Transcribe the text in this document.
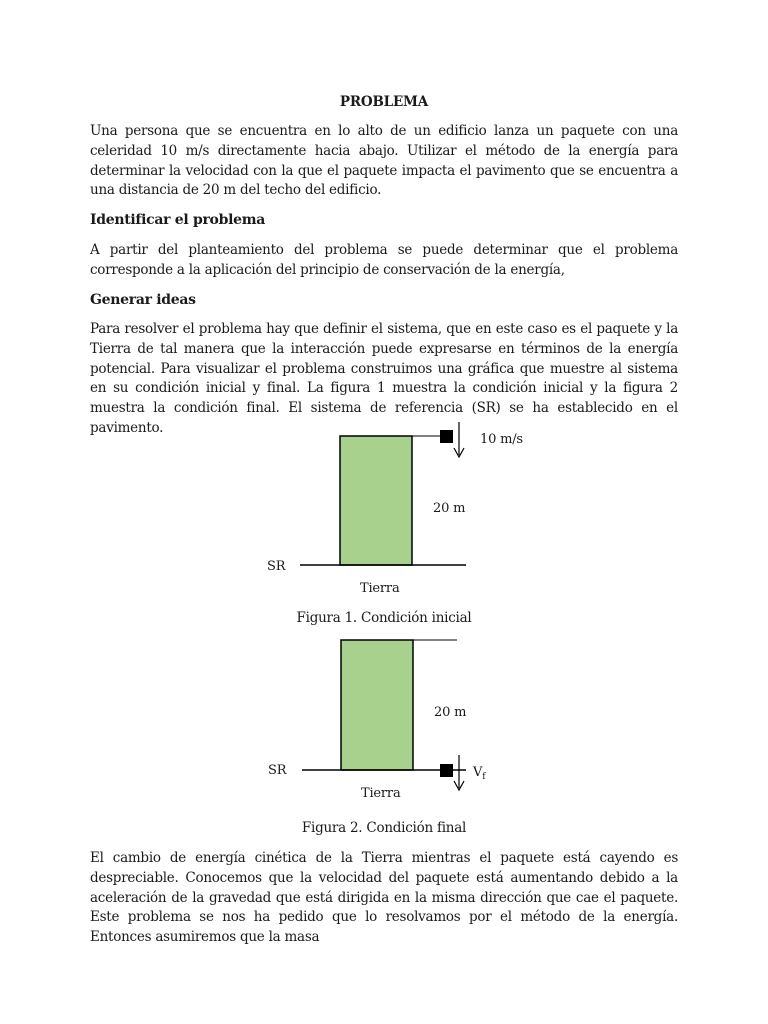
PROBLEMA
Una persona que se encuentra en lo alto de un edificio lanza un paquete con una celeridad 10 m/s directamente hacia abajo. Utilizar el método de la energía para determinar la velocidad con la que el paquete impacta el pavimento que se encuentra a una distancia de 20 m del techo del edificio.
Identificar el problema
A partir del planteamiento del problema se puede determinar que el problema corresponde a la aplicación del principio de conservación de la energía,
Generar ideas
Para resolver el problema hay que definir el sistema, que en este caso es el paquete y la Tierra de tal manera que la interacción puede expresarse en términos de la energía potencial. Para visualizar el problema construimos una gráfica que muestre al sistema en su condición inicial y final. La figura 1 muestra la condición inicial y la figura 2 muestra la condición final. El sistema de referencia (SR) se ha establecido en el pavimento.
10 m/s
20 m
SR
Tierra
20 m
SR	$V_f$
Tierra
Figura 1. Condición inicial
Figura 2. Condición final
El cambio de energía cinética de la Tierra mientras el paquete está cayendo es despreciable. Conocemos que la velocidad del paquete está aumentando debido a la aceleración de la gravedad que está dirigida en la misma dirección que cae el paquete. Este problema se nos ha pedido que lo resolvamos por el método de la energía. Entonces asumiremos que la masa
